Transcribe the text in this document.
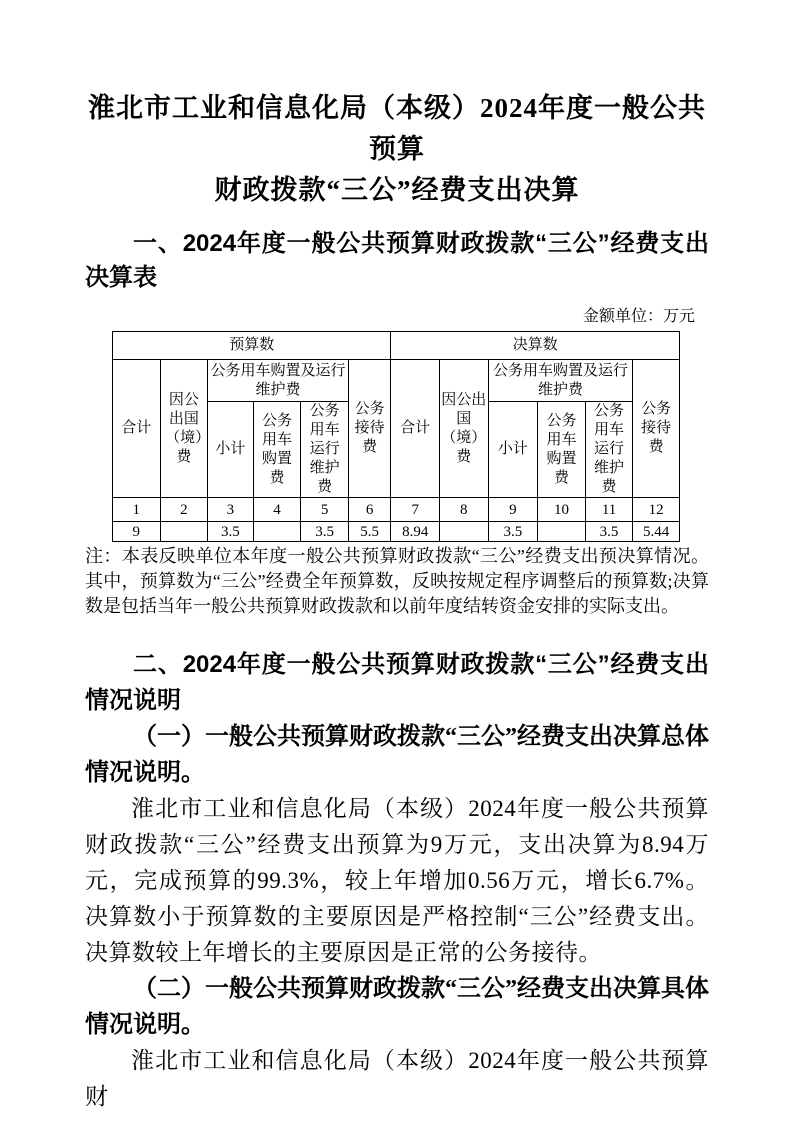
淮北市工业和信息化局（本级）2024年度一般公共预算
财政拨款“三公”经费支出决算

一、2024年度一般公共预算财政拨款“三公”经费支出决算表

金额单位：万元
预算数						决算数					
合计	因公出国（境）费	公务用车购置及运行维护费			公务接待费	合计	因公出国（境）费	公务用车购置及运行维护费			公务接待费
		小计	公务用车购置费	公务用车运行维护费				小计	公务用车购置费	公务用车运行维护费	
1	2	3	4	5	6	7	8	9	10	11	12
9		3.5		3.5	5.5	8.94		3.5		3.5	5.44

注：本表反映单位本年度一般公共预算财政拨款“三公”经费支出预决算情况。其中，预算数为“三公”经费全年预算数，反映按规定程序调整后的预算数;决算数是包括当年一般公共预算财政拨款和以前年度结转资金安排的实际支出。

二、2024年度一般公共预算财政拨款“三公”经费支出情况说明

（一）一般公共预算财政拨款“三公”经费支出决算总体情况说明。

淮北市工业和信息化局（本级）2024年度一般公共预算财政拨款“三公”经费支出预算为9万元，支出决算为8.94万元，完成预算的99.3%，较上年增加0.56万元，增长6.7%。决算数小于预算数的主要原因是严格控制“三公”经费支出。决算数较上年增长的主要原因是正常的公务接待。

（二）一般公共预算财政拨款“三公”经费支出决算具体情况说明。

淮北市工业和信息化局（本级）2024年度一般公共预算财
